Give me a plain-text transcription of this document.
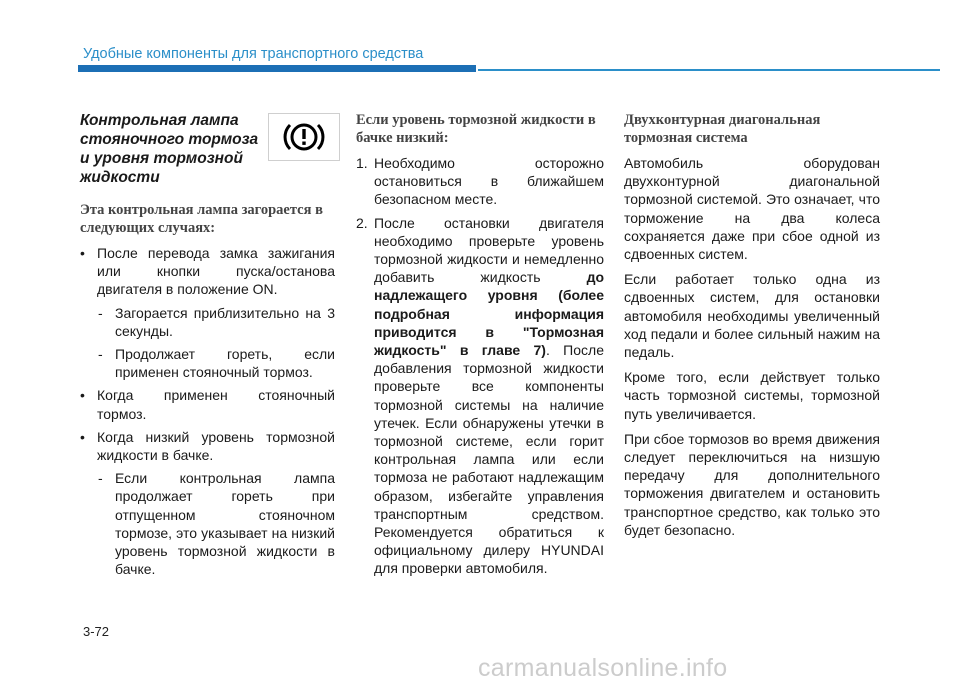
Удобные компоненты для транспортного средства
Контрольная лампа стояночного тормоза и уровня тормозной жидкости
Эта контрольная лампа загорается в следующих случаях:
• После перевода замка зажигания или кнопки пуска/останова двигателя в положение ON.
- Загорается приблизительно на 3 секунды.
- Продолжает гореть, если применен стояночный тормоз.
• Когда применен стояночный тормоз.
• Когда низкий уровень тормозной жидкости в бачке.
- Если контрольная лампа продолжает гореть при отпущенном стояночном тормозе, это указывает на низкий уровень тормозной жидкости в бачке.
Если уровень тормозной жидкости в бачке низкий:
1. Необходимо осторожно остановиться в ближайшем безопасном месте.
2. После остановки двигателя необходимо проверьте уровень тормозной жидкости и немедленно добавить жидкость	до надлежащего уровня (более подробная информация приводится в "Тормозная жидкость" в главе 7). После добавления тормозной жидкости проверьте все компоненты тормозной системы на наличие утечек. Если обнаружены утечки в тормозной системе, если горит контрольная лампа или если тормоза не работают надлежащим образом, избегайте управления транспортным средством. Рекомендуется обратиться к официальному дилеру HYUNDAI для проверки автомобиля.
Двухконтурная диагональная тормозная система

Автомобиль оборудован двухконтурной диагональной тормозной системой. Это означает, что торможение на два колеса сохраняется даже при сбое одной из сдвоенных систем.

Если работает только одна из сдвоенных систем, для остановки автомобиля необходимы увеличенный ход педали и более сильный нажим на педаль.

Кроме того, если действует только часть тормозной системы, тормозной путь увеличивается.

При сбое тормозов во время движения следует переключиться на низшую передачу для дополнительного торможения двигателем и остановить транспортное средство, как только это будет безопасно.

3-72
carmanualsonline.info
